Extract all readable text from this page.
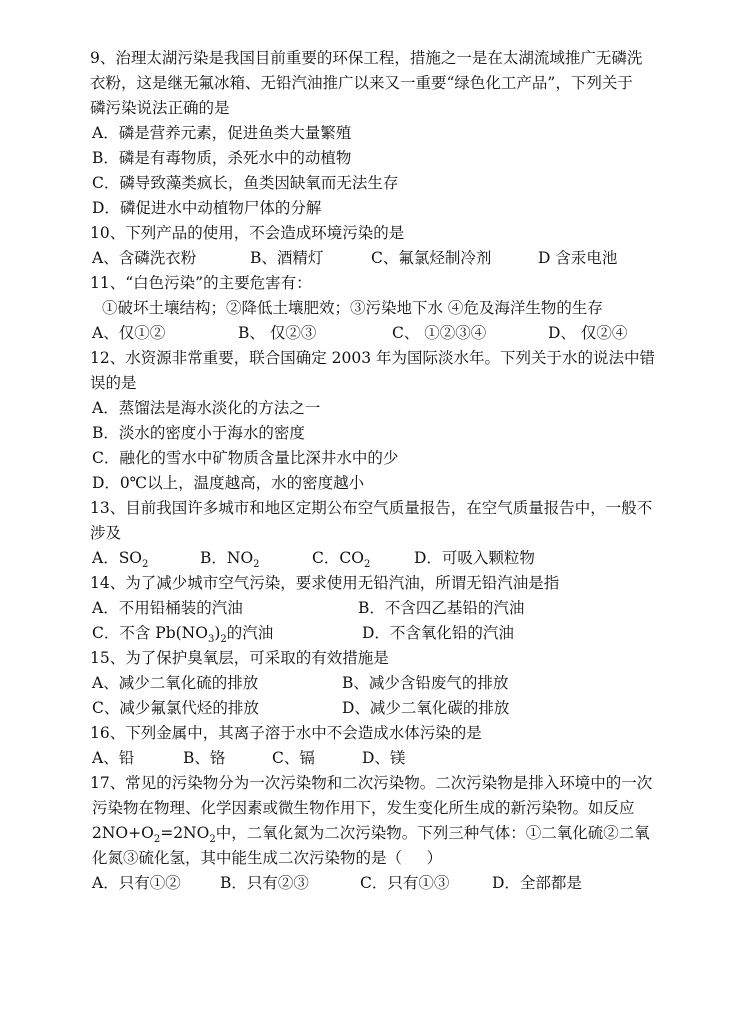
9、治理太湖污染是我国目前重要的环保工程，措施之一是在太湖流域推广无磷洗
衣粉，这是继无氟冰箱、无铅汽油推广以来又一重要“绿色化工产品”，下列关于
磷污染说法正确的是
A．磷是营养元素，促进鱼类大量繁殖
B．磷是有毒物质，杀死水中的动植物
C．磷导致藻类疯长，鱼类因缺氧而无法生存
D．磷促进水中动植物尸体的分解
10、下列产品的使用，不会造成环境污染的是
A、含磷洗衣粉	B、酒精灯	C、氟氯烃制冷剂	D 含汞电池
11、“白色污染”的主要危害有：
①破坏土壤结构；②降低土壤肥效；③污染地下水 ④危及海洋生物的生存
A、仅①②	B、 仅②③	C、 ①②③④	D、 仅②④
12、水资源非常重要，联合国确定 2003 年为国际淡水年。下列关于水的说法中错
误的是
A．蒸馏法是海水淡化的方法之一
B．淡水的密度小于海水的密度
C．融化的雪水中矿物质含量比深井水中的少
D．0℃以上，温度越高，水的密度越小
13、目前我国许多城市和地区定期公布空气质量报告，在空气质量报告中，一般不
涉及
A．$SO_2$	B．$NO_2$	C．$CO_2$	D．可吸入颗粒物
14、为了减少城市空气污染，要求使用无铅汽油，所谓无铅汽油是指
A．不用铅桶装的汽油	B．不含四乙基铅的汽油
C．不含 $Pb(NO_3)_2$的汽油	D．不含氧化铅的汽油
15、为了保护臭氧层，可采取的有效措施是
A、减少二氧化硫的排放	B、减少含铅废气的排放
C、减少氟氯代烃的排放	D、减少二氧化碳的排放
16、下列金属中，其离子溶于水中不会造成水体污染的是
A、铅	B、铬	C、镉	D、镁
17、常见的污染物分为一次污染物和二次污染物。二次污染物是排入环境中的一次
污染物在物理、化学因素或微生物作用下，发生变化所生成的新污染物。如反应
$2NO+O_2=2NO_2$中，二氧化氮为二次污染物。下列三种气体：①二氧化硫②二氧
化氮③硫化氢，其中能生成二次污染物的是（     ）
A．只有①②	B．只有②③	C．只有①③	D．全部都是
